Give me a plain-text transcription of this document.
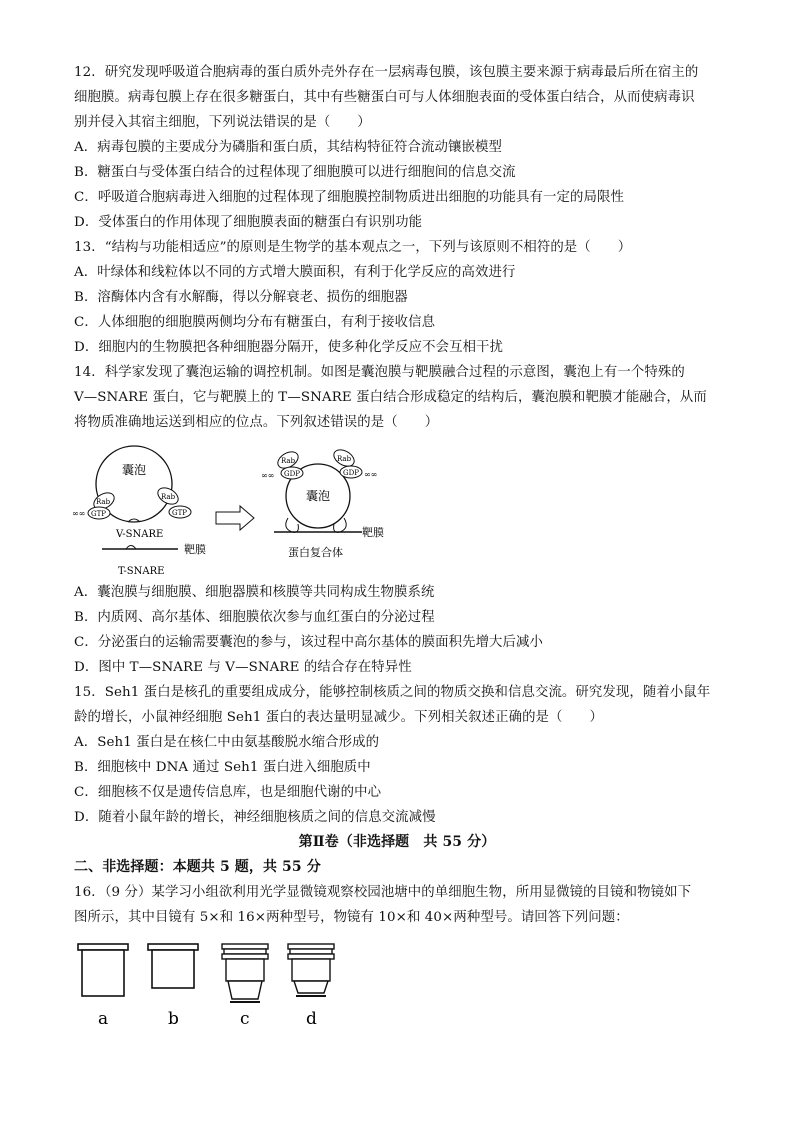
12．研究发现呼吸道合胞病毒的蛋白质外壳外存在一层病毒包膜，该包膜主要来源于病毒最后所在宿主的
细胞膜。病毒包膜上存在很多糖蛋白，其中有些糖蛋白可与人体细胞表面的受体蛋白结合，从而使病毒识
别并侵入其宿主细胞，下列说法错误的是（　　）
A．病毒包膜的主要成分为磷脂和蛋白质，其结构特征符合流动镶嵌模型
B．糖蛋白与受体蛋白结合的过程体现了细胞膜可以进行细胞间的信息交流
C．呼吸道合胞病毒进入细胞的过程体现了细胞膜控制物质进出细胞的功能具有一定的局限性
D．受体蛋白的作用体现了细胞膜表面的糖蛋白有识别功能
13．“结构与功能相适应”的原则是生物学的基本观点之一，下列与该原则不相符的是（　　）
A．叶绿体和线粒体以不同的方式增大膜面积，有利于化学反应的高效进行
B．溶酶体内含有水解酶，得以分解衰老、损伤的细胞器
C．人体细胞的细胞膜两侧均分布有糖蛋白，有利于接收信息
D．细胞内的生物膜把各种细胞器分隔开，使多种化学反应不会互相干扰
14．科学家发现了囊泡运输的调控机制。如图是囊泡膜与靶膜融合过程的示意图，囊泡上有一个特殊的
V—SNARE 蛋白，它与靶膜上的 T—SNARE 蛋白结合形成稳定的结构后，囊泡膜和靶膜才能融合，从而
将物质准确地运送到相应的位点。下列叙述错误的是（　　）
囊泡
Rab
GTP
∞∞
Rab
GTP
V-SNARE
靶膜
T-SNARE
囊泡
Rab
GDP
∞∞
Rab
GDP ∞∞
靶膜
蛋白复合体
A．囊泡膜与细胞膜、细胞器膜和核膜等共同构成生物膜系统
B．内质网、高尔基体、细胞膜依次参与血红蛋白的分泌过程
C．分泌蛋白的运输需要囊泡的参与，该过程中高尔基体的膜面积先增大后减小
D．图中 T—SNARE 与 V—SNARE 的结合存在特异性
15．Seh1 蛋白是核孔的重要组成成分，能够控制核质之间的物质交换和信息交流。研究发现，随着小鼠年
龄的增长，小鼠神经细胞 Seh1 蛋白的表达量明显减少。下列相关叙述正确的是（　　）
A．Seh1 蛋白是在核仁中由氨基酸脱水缩合形成的
B．细胞核中 DNA 通过 Seh1 蛋白进入细胞质中
C．细胞核不仅是遗传信息库，也是细胞代谢的中心
D．随着小鼠年龄的增长，神经细胞核质之间的信息交流减慢
第Ⅱ卷（非选择题　共 55 分）
二、非选择题：本题共 5 题，共 55 分
16．（9 分）某学习小组欲利用光学显微镜观察校园池塘中的单细胞生物，所用显微镜的目镜和物镜如下
图所示，其中目镜有 5×和 16×两种型号，物镜有 10×和 40×两种型号。请回答下列问题：
a	b	c	d
